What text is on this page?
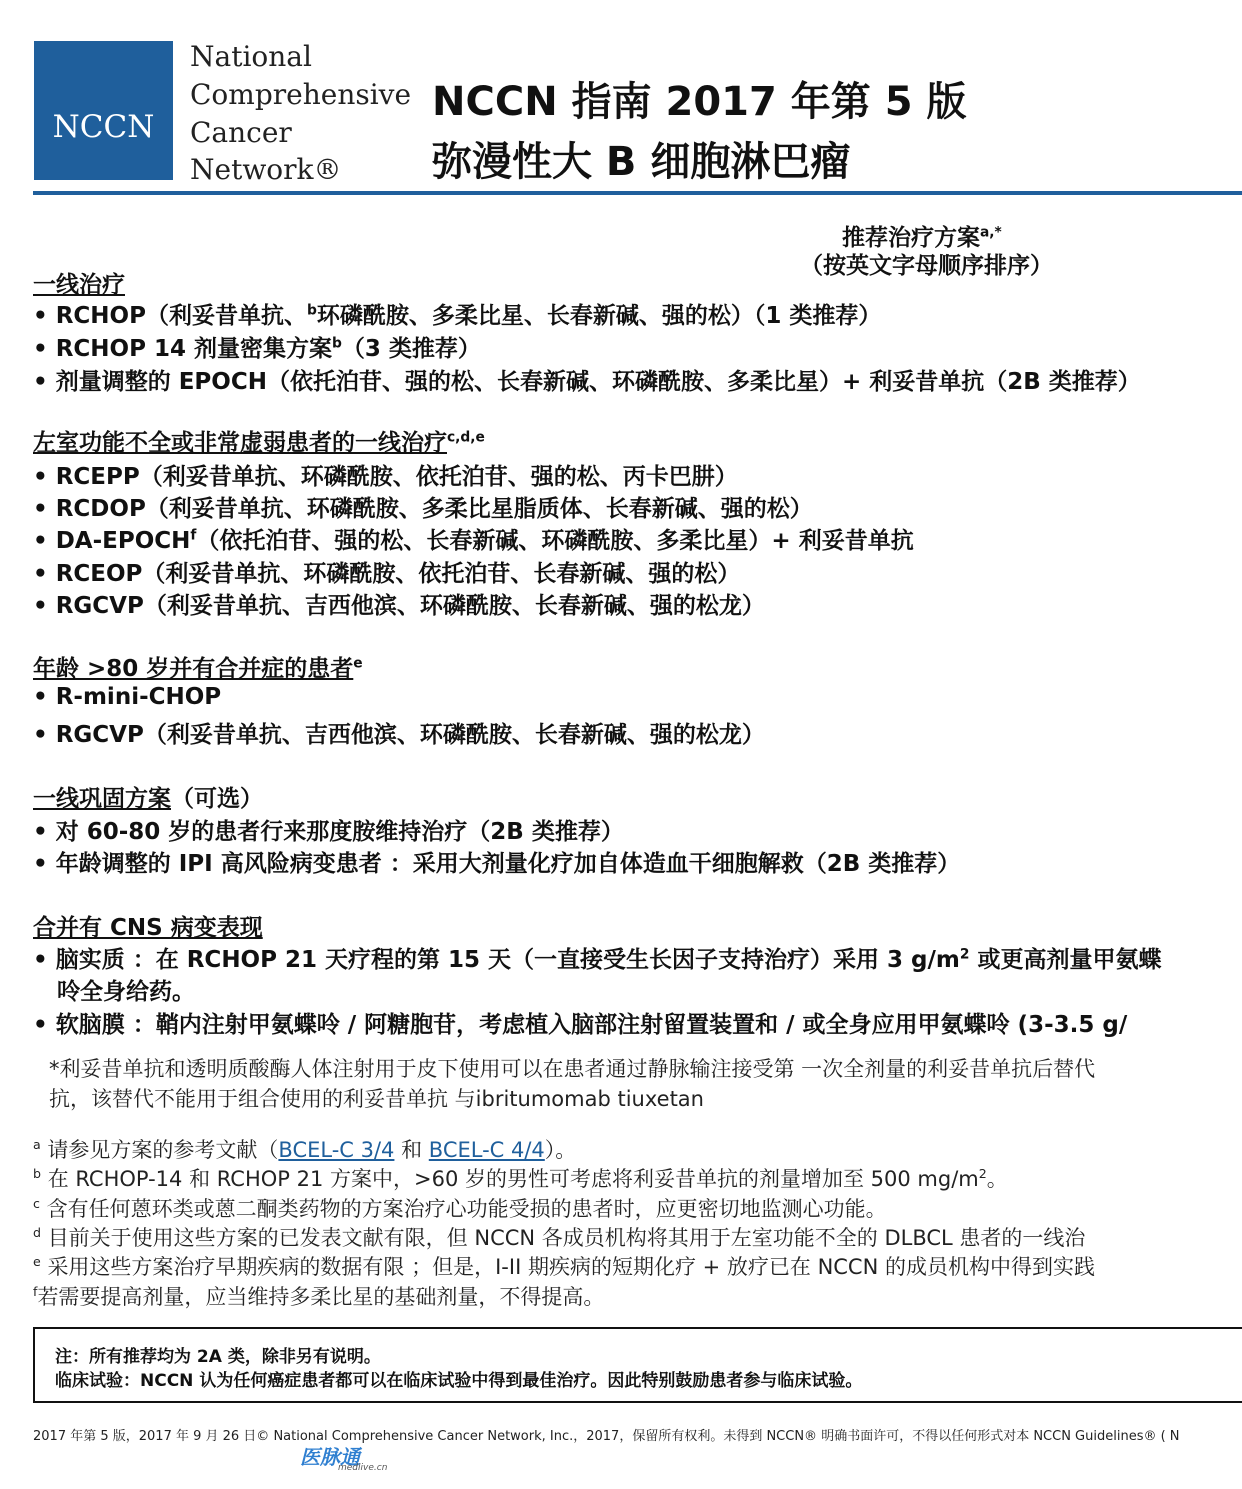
NCCN
National
Comprehensive
Cancer
Network®
NCCN 指南 2017 年第 5 版
弥漫性大 B 细胞淋巴瘤
推荐治疗方案$^{a,*}$
（按英文字母顺序排序）
一线治疗
• RCHOP（利妥昔单抗、$^b$环磷酰胺、多柔比星、长春新碱、强的松）（1 类推荐）
• RCHOP 14 剂量密集方案$^b$（3 类推荐）
• 剂量调整的 EPOCH（依托泊苷、强的松、长春新碱、环磷酰胺、多柔比星）+ 利妥昔单抗（2B 类推荐）
左室功能不全或非常虚弱患者的一线治疗$^{c,d,e}$
• RCEPP（利妥昔单抗、环磷酰胺、依托泊苷、强的松、丙卡巴肼）
• RCDOP（利妥昔单抗、环磷酰胺、多柔比星脂质体、长春新碱、强的松）
• DA-EPOCH$^f$（依托泊苷、强的松、长春新碱、环磷酰胺、多柔比星）+ 利妥昔单抗
• RCEOP（利妥昔单抗、环磷酰胺、依托泊苷、长春新碱、强的松）
• RGCVP（利妥昔单抗、吉西他滨、环磷酰胺、长春新碱、强的松龙）
年龄 >80 岁并有合并症的患者$^e$
• R-mini-CHOP
• RGCVP（利妥昔单抗、吉西他滨、环磷酰胺、长春新碱、强的松龙）
一线巩固方案（可选）
• 对 60-80 岁的患者行来那度胺维持治疗（2B 类推荐）
• 年龄调整的 IPI 高风险病变患者 ：采用大剂量化疗加自体造血干细胞解救（2B 类推荐）
合并有 CNS 病变表现
• 脑实质 ：在 RCHOP 21 天疗程的第 15 天（一直接受生长因子支持治疗）采用 3 $g/m^2$ 或更高剂量甲氨蝶
呤全身给药。
• 软脑膜 ：鞘内注射甲氨蝶呤 / 阿糖胞苷，考虑植入脑部注射留置装置和 / 或全身应用甲氨蝶呤 (3-3.5 g/
*利妥昔单抗和透明质酸酶人体注射用于皮下使用可以在患者通过静脉输注接受第 一次全剂量的利妥昔单抗后替代
抗，该替代不能用于组合使用的利妥昔单抗 与ibritumomab tiuxetan
$^a$ 请参见方案的参考文献（BCEL-C 3/4 和 BCEL-C 4/4）。
$^b$ 在 RCHOP-14 和 RCHOP 21 方案中，>60 岁的男性可考虑将利妥昔单抗的剂量增加至 500 $mg/m^2$。
$^c$ 含有任何蒽环类或蒽二酮类药物的方案治疗心功能受损的患者时，应更密切地监测心功能。
$^d$ 目前关于使用这些方案的已发表文献有限，但 NCCN 各成员机构将其用于左室功能不全的 DLBCL 患者的一线治
$^e$ 采用这些方案治疗早期疾病的数据有限 ；但是，I-II 期疾病的短期化疗 + 放疗已在 NCCN 的成员机构中得到实践
$^f$若需要提高剂量，应当维持多柔比星的基础剂量，不得提高。
注：所有推荐均为 2A 类，除非另有说明。
临床试验：NCCN 认为任何癌症患者都可以在临床试验中得到最佳治疗。因此特别鼓励患者参与临床试验。
2017 年第 5 版，2017 年 9 月 26 日© National Comprehensive Cancer Network, Inc.，2017，保留所有权利。未得到 NCCN® 明确书面许可，不得以任何形式对本 NCCN Guidelines® ( N
医脉通
medlive.cn
